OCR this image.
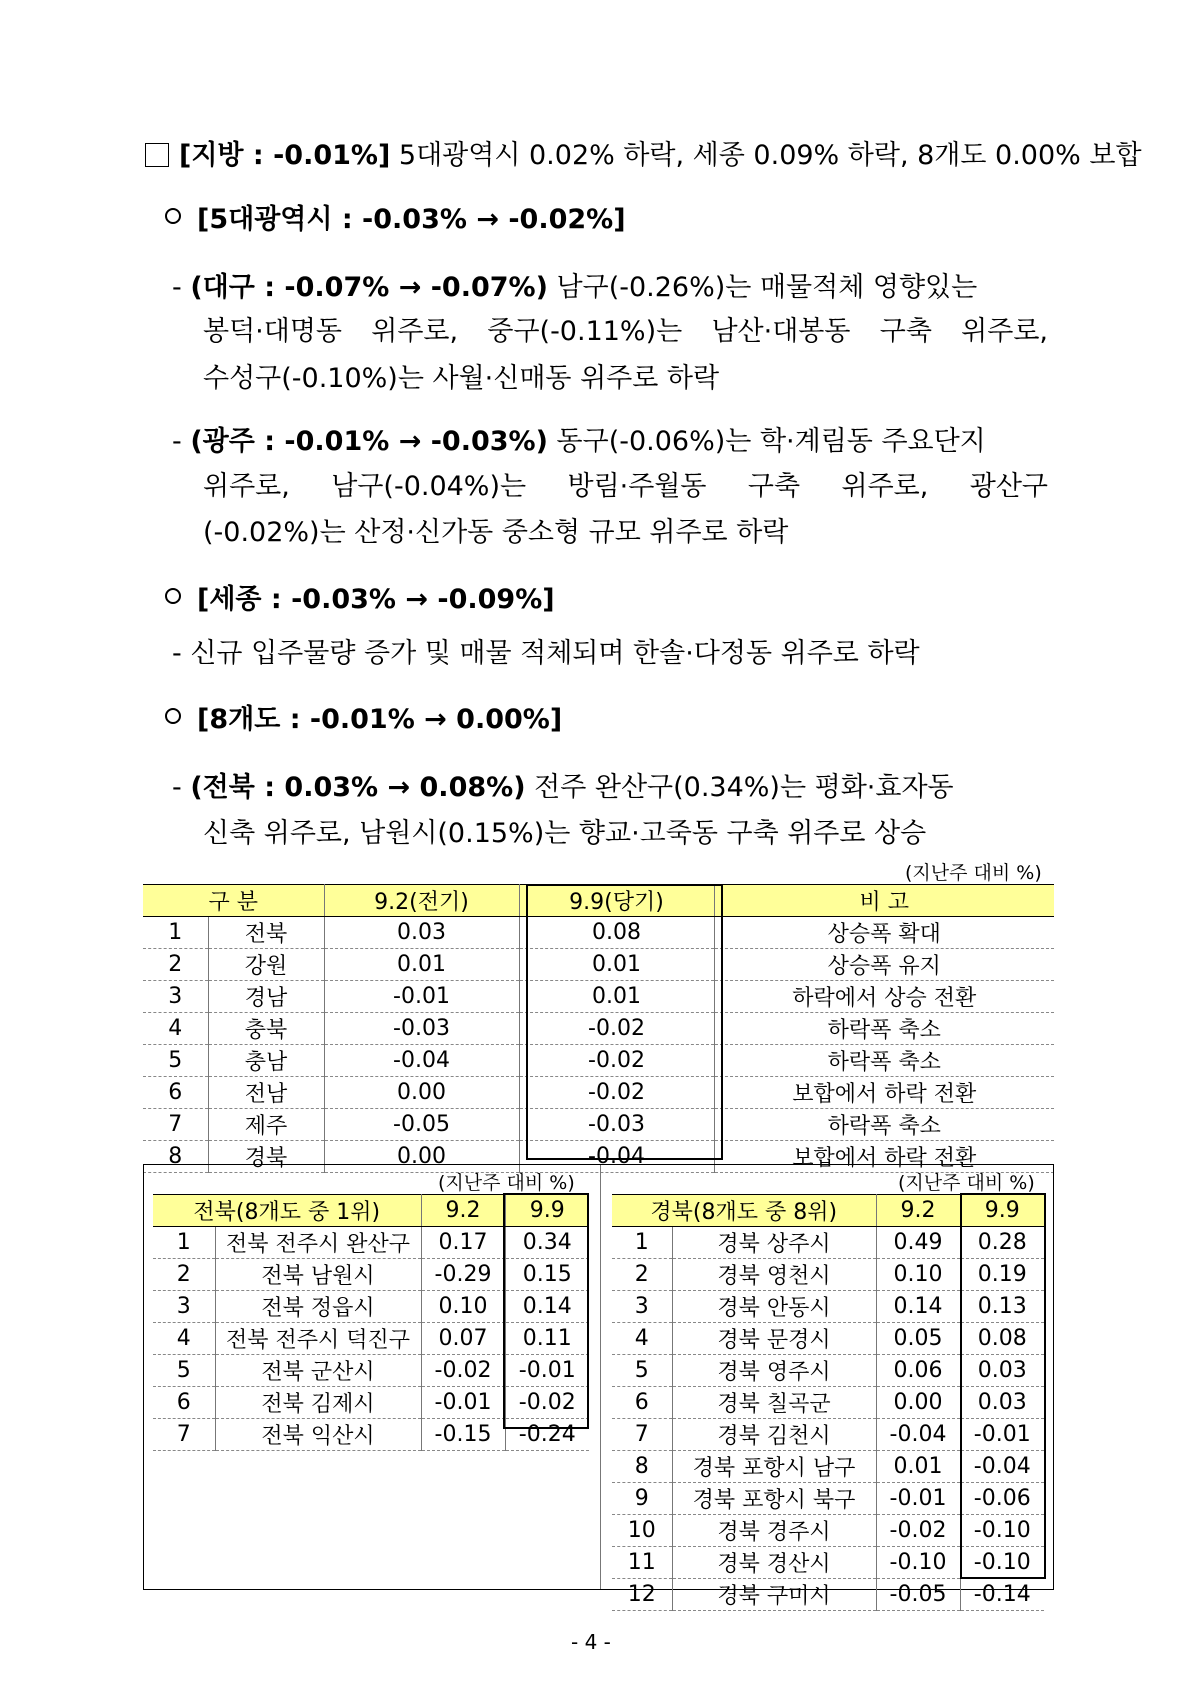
[지방 : -0.01%] 5대광역시 0.02% 하락, 세종 0.09% 하락, 8개도 0.00% 보합
[5대광역시 : -0.03% → -0.02%]
- (대구 : -0.07% → -0.07%) 남구(-0.26%)는 매물적체 영향있는
봉덕·대명동 위주로, 중구(-0.11%)는 남산·대봉동 구축 위주로,
수성구(-0.10%)는 사월·신매동 위주로 하락
- (광주 : -0.01% → -0.03%) 동구(-0.06%)는 학·계림동 주요단지
위주로, 남구(-0.04%)는 방림·주월동 구축 위주로, 광산구
(-0.02%)는 산정·신가동 중소형 규모 위주로 하락
[세종 : -0.03% → -0.09%]
- 신규 입주물량 증가 및 매물 적체되며 한솔·다정동 위주로 하락
[8개도 : -0.01% → 0.00%]
- (전북 : 0.03% → 0.08%) 전주 완산구(0.34%)는 평화·효자동
신축 위주로, 남원시(0.15%)는 향교·고죽동 구축 위주로 상승
(지난주 대비 %)
구 분		9.2(전기)	9.9(당기)	비 고
1	전북	0.03	0.08	상승폭 확대
2	강원	0.01	0.01	상승폭 유지
3	경남	-0.01	0.01	하락에서 상승 전환
4	충북	-0.03	-0.02	하락폭 축소
5	충남	-0.04	-0.02	하락폭 축소
6	전남	0.00	-0.02	보합에서 하락 전환
7	제주	-0.05	-0.03	하락폭 축소
8	경북	0.00	-0.04	보합에서 하락 전환
(지난주 대비 %)
전북(8개도 중 1위)		9.2	9.9
1	전북 전주시 완산구	0.17	0.34
2	전북 남원시	-0.29	0.15
3	전북 정읍시	0.10	0.14
4	전북 전주시 덕진구	0.07	0.11
5	전북 군산시	-0.02	-0.01
6	전북 김제시	-0.01	-0.02
7	전북 익산시	-0.15	-0.24
(지난주 대비 %)
경북(8개도 중 8위)		9.2	9.9
1	경북 상주시	0.49	0.28
2	경북 영천시	0.10	0.19
3	경북 안동시	0.14	0.13
4	경북 문경시	0.05	0.08
5	경북 영주시	0.06	0.03
6	경북 칠곡군	0.00	0.03
7	경북 김천시	-0.04	-0.01
8	경북 포항시 남구	0.01	-0.04
9	경북 포항시 북구	-0.01	-0.06
10	경북 경주시	-0.02	-0.10
11	경북 경산시	-0.10	-0.10
12	경북 구미시	-0.05	-0.14
- 4 -
